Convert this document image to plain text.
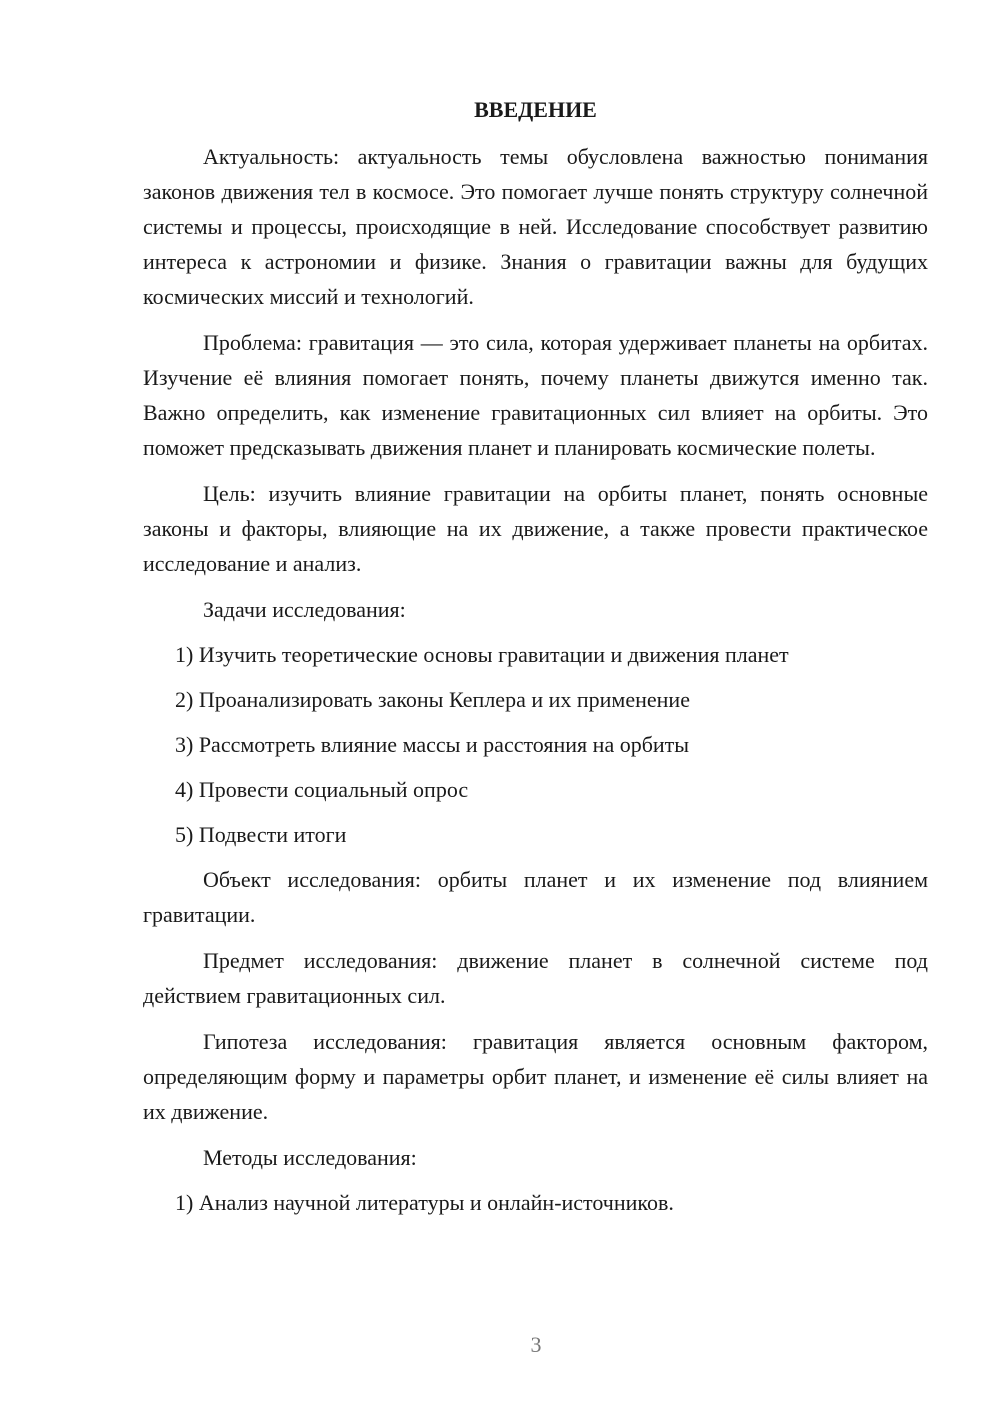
ВВЕДЕНИЕ

Актуальность: актуальность темы обусловлена важностью понимания законов движения тел в космосе. Это помогает лучше понять структуру солнечной системы и процессы, происходящие в ней. Исследование способствует развитию интереса к астрономии и физике. Знания о гравитации важны для будущих космических миссий и технологий.

Проблема: гравитация — это сила, которая удерживает планеты на орбитах. Изучение её влияния помогает понять, почему планеты движутся именно так. Важно определить, как изменение гравитационных сил влияет на орбиты. Это поможет предсказывать движения планет и планировать космические полеты.

Цель: изучить влияние гравитации на орбиты планет, понять основные законы и факторы, влияющие на их движение, а также провести практическое исследование и анализ.

Задачи исследования:

1) Изучить теоретические основы гравитации и движения планет

2) Проанализировать законы Кеплера и их применение

3) Рассмотреть влияние массы и расстояния на орбиты

4) Провести социальный опрос

5) Подвести итоги

Объект исследования: орбиты планет и их изменение под влиянием гравитации.

Предмет исследования: движение планет в солнечной системе под действием гравитационных сил.

Гипотеза исследования: гравитация является основным фактором, определяющим форму и параметры орбит планет, и изменение её силы влияет на их движение.

Методы исследования:

1) Анализ научной литературы и онлайн-источников.

3
